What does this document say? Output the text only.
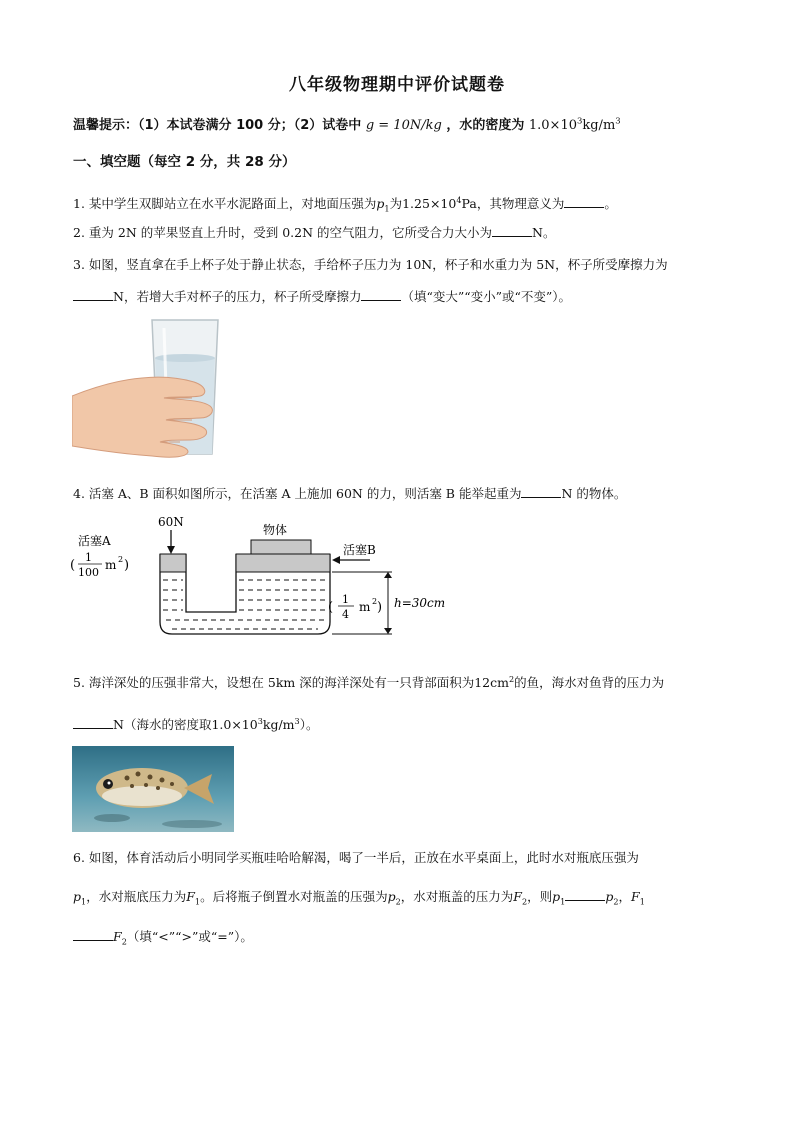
八年级物理期中评价试题卷
温馨提示：（1）本试卷满分 100 分；（2）试卷中 g = 10N/kg ，水的密度为 $1.0\times 10^3kg/m^3$
一、填空题（每空 2 分，共 28 分）
1. 某中学生双脚站立在水平水泥路面上，对地面压强为$p_1$为$1.25\times 10^4Pa$，其物理意义为	。
2. 重为 2N 的苹果竖直上升时，受到 0.2N 的空气阻力，它所受合力大小为	N。
3. 如图，竖直拿在手上杯子处于静止状态，手给杯子压力为 10N，杯子和水重力为 5N，杯子所受摩擦力为
N，若增大手对杯子的压力，杯子所受摩擦力	（填“变大”“变小”或“不变”）。
4. 活塞 A、B 面积如图所示，在活塞 A 上施加 60N 的力，则活塞 B 能举起重为	N 的物体。
60N
活塞A
(
1
100
m 2 )
物体
活塞B
(
1
4
m 2 ) h=30cm
5. 海洋深处的压强非常大，设想在 5km 深的海洋深处有一只背部面积为$12cm^2$的鱼，海水对鱼背的压力为
N（海水的密度取$1.0\times 10^3kg/m^3$）。
6. 如图，体育活动后小明同学买瓶哇哈哈解渴，喝了一半后，正放在水平桌面上，此时水对瓶底压强为
$p_1$，水对瓶底压力为$F_1$。后将瓶子倒置水对瓶盖的压强为$p_2$，水对瓶盖的压力为$F_2$，则$p_1$	$p_2$，$F_1$
$F_2$（填“<”“>”或“=”）。
